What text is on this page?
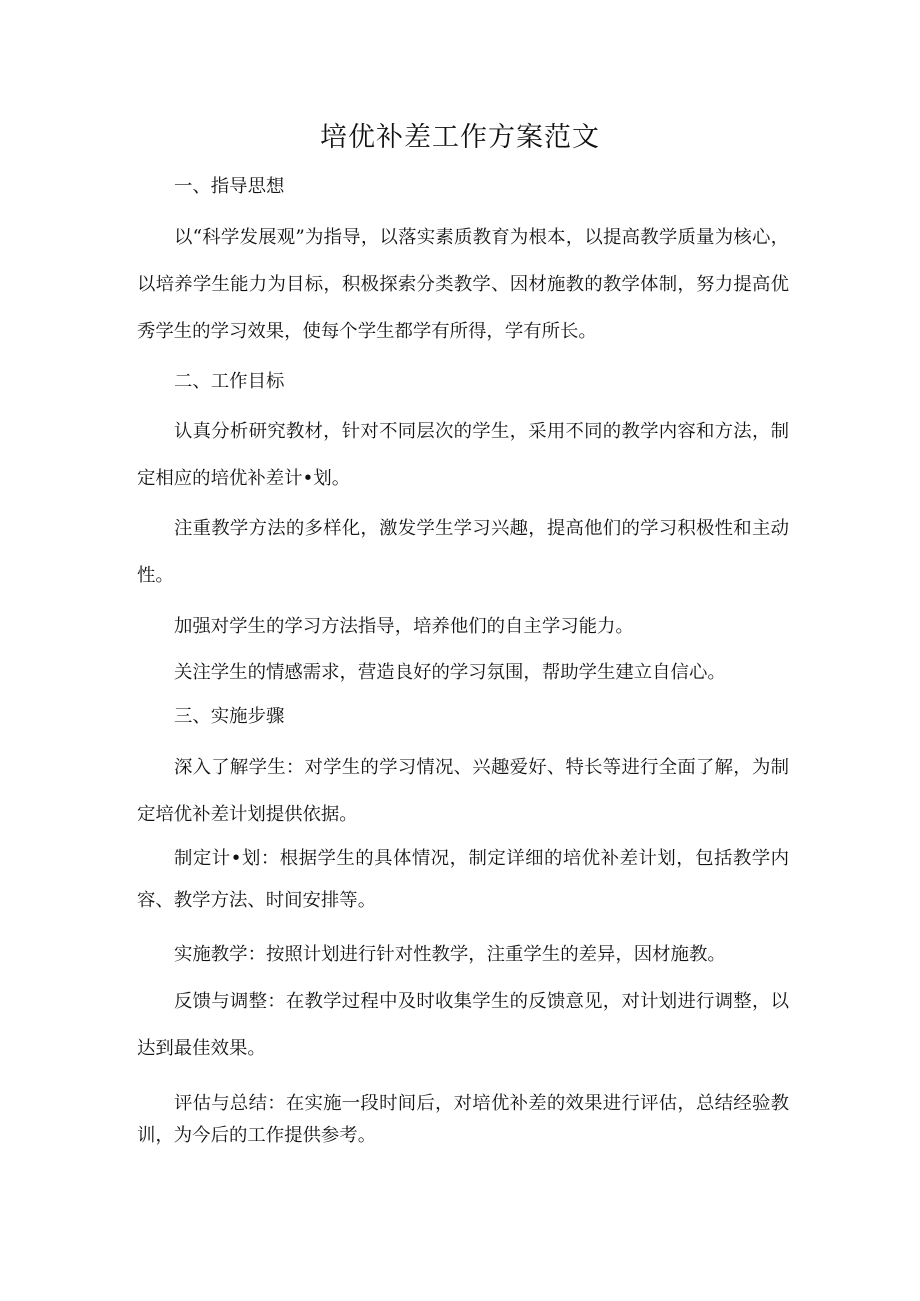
培优补差工作方案范文

一、指导思想

以“科学发展观”为指导，以落实素质教育为根本，以提高教学质量为核心，以培养学生能力为目标，积极探索分类教学、因材施教的教学体制，努力提高优秀学生的学习效果，使每个学生都学有所得，学有所长。

二、工作目标

认真分析研究教材，针对不同层次的学生，采用不同的教学内容和方法，制定相应的培优补差计•划。

注重教学方法的多样化，激发学生学习兴趣，提高他们的学习积极性和主动性。

加强对学生的学习方法指导，培养他们的自主学习能力。

关注学生的情感需求，营造良好的学习氛围，帮助学生建立自信心。

三、实施步骤

深入了解学生：对学生的学习情况、兴趣爱好、特长等进行全面了解，为制定培优补差计划提供依据。

制定计•划：根据学生的具体情况，制定详细的培优补差计划，包括教学内容、教学方法、时间安排等。

实施教学：按照计划进行针对性教学，注重学生的差异，因材施教。

反馈与调整：在教学过程中及时收集学生的反馈意见，对计划进行调整，以达到最佳效果。

评估与总结：在实施一段时间后，对培优补差的效果进行评估，总结经验教训，为今后的工作提供参考。
